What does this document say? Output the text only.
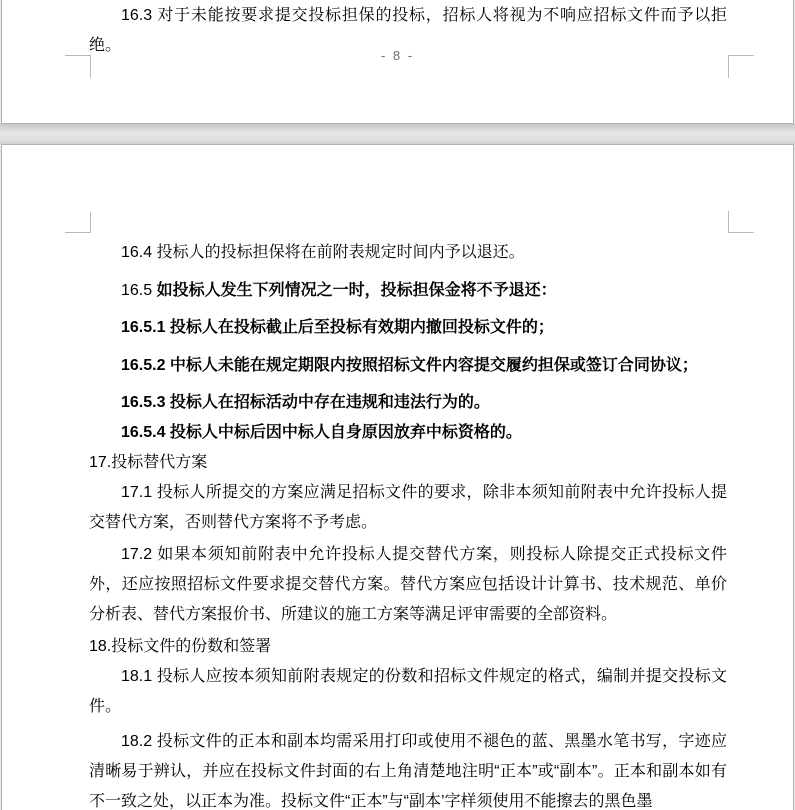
16.3 对于未能按要求提交投标担保的投标，招标人将视为不响应招标文件而予以拒绝。

- 8 -

16.4 投标人的投标担保将在前附表规定时间内予以退还。

16.5 如投标人发生下列情况之一时，投标担保金将不予退还：

16.5.1 投标人在投标截止后至投标有效期内撤回投标文件的；

16.5.2 中标人未能在规定期限内按照招标文件内容提交履约担保或签订合同协议；

16.5.3 投标人在招标活动中存在违规和违法行为的。

16.5.4 投标人中标后因中标人自身原因放弃中标资格的。

17.投标替代方案

17.1 投标人所提交的方案应满足招标文件的要求，除非本须知前附表中允许投标人提交替代方案，否则替代方案将不予考虑。

17.2 如果本须知前附表中允许投标人提交替代方案，则投标人除提交正式投标文件外，还应按照招标文件要求提交替代方案。替代方案应包括设计计算书、技术规范、单价分析表、替代方案报价书、所建议的施工方案等满足评审需要的全部资料。

18.投标文件的份数和签署

18.1 投标人应按本须知前附表规定的份数和招标文件规定的格式，编制并提交投标文件。

18.2 投标文件的正本和副本均需采用打印或使用不褪色的蓝、黑墨水笔书写，字迹应清晰易于辨认，并应在投标文件封面的右上角清楚地注明“正本”或“副本”。正本和副本如有不一致之处，以正本为准。投标文件“正本”与“副本’字样须使用不能擦去的黑色墨
